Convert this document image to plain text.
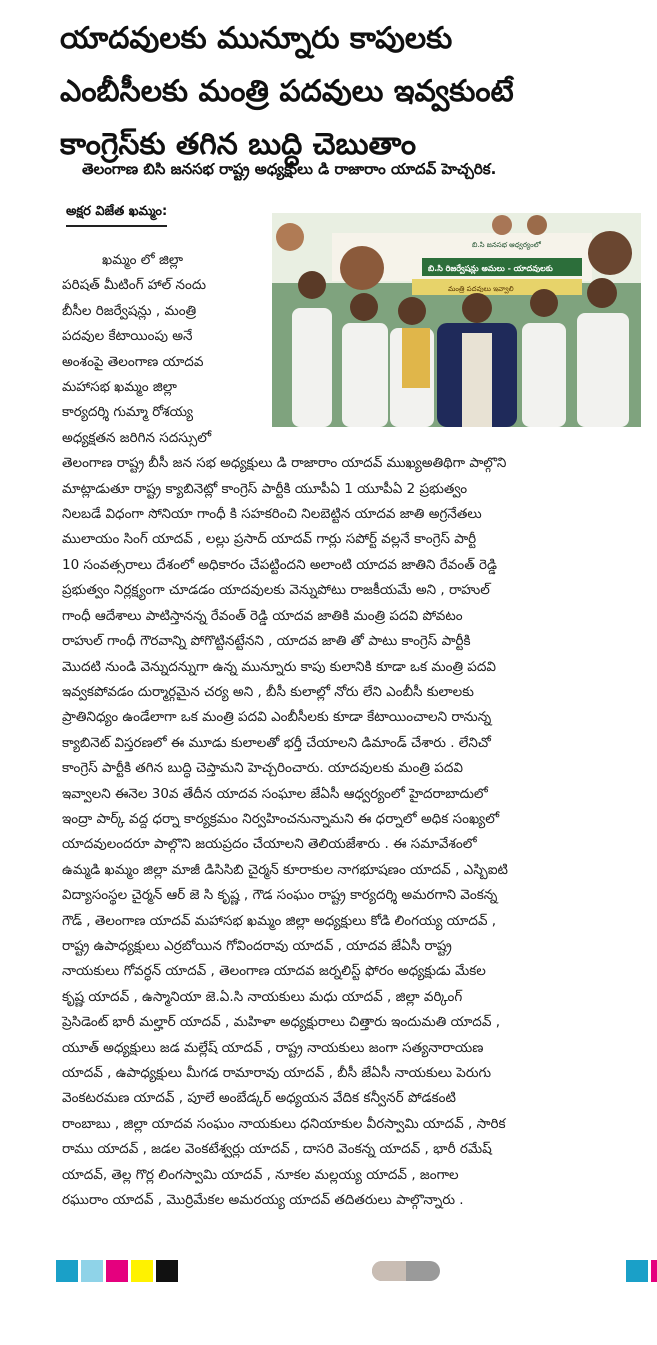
యాదవులకు మున్నూరు కాపులకు
ఎంబీసీలకు మంత్రి పదవులు ఇవ్వకుంటే
కాంగ్రెస్‌కు తగిన బుద్ధి చెబుతాం
తెలంగాణ బిసి జనసభ రాష్ట్ర అధ్యక్షులు డి రాజారాం యాదవ్ హెచ్చరిక.
అక్షర విజేత ఖమ్మం:
బి.సి జనసభ ఆధ్వర్యంలో
బి.సి రిజర్వేషన్లు అమలు - యాదవులకు
మంత్రి పదవులు ఇవ్వాలి
ఖమ్మం లో జిల్లా
పరిషత్ మీటింగ్ హాల్ నందు
బీసీల రిజర్వేషన్లు , మంత్రి
పదవుల కేటాయింపు అనే
అంశంపై తెలంగాణ యాదవ
మహాసభ ఖమ్మం జిల్లా
కార్యదర్శి గుమ్మా రోశయ్య
అధ్యక్షతన జరిగిన సదస్సులో
తెలంగాణ రాష్ట్ర బీసీ జన సభ అధ్యక్షులు డి రాజారాం యాదవ్ ముఖ్యఅతిథిగా పాల్గొని
మాట్లాడుతూ రాష్ట్ర క్యాబినెట్లో కాంగ్రెస్ పార్టీకి యూపీఏ 1 యూపీఏ 2 ప్రభుత్వం
నిలబడే విధంగా సోనియా గాంధీ కి సహకరించి నిలబెట్టిన యాదవ జాతి అగ్రనేతలు
ములాయం సింగ్ యాదవ్ , లల్లు ప్రసాద్ యాదవ్ గార్లు సపోర్ట్ వల్లనే కాంగ్రెస్ పార్టీ
10 సంవత్సరాలు దేశంలో అధికారం చేపట్టిందని అలాంటి యాదవ జాతిని రేవంత్ రెడ్డి
ప్రభుత్వం నిర్లక్ష్యంగా చూడడం యాదవులకు వెన్నుపోటు రాజకీయమే అని , రాహుల్
గాంధీ ఆదేశాలు పాటిస్తానన్న రేవంత్ రెడ్డి యాదవ జాతికి మంత్రి పదవి పోవటం
రాహుల్ గాంధీ గౌరవాన్ని పోగొట్టినట్టేనని , యాదవ జాతి తో పాటు కాంగ్రెస్ పార్టీకి
మొదటి నుండి వెన్నుదన్నుగా ఉన్న మున్నూరు కాపు కులానికి కూడా ఒక మంత్రి పదవి
ఇవ్వకపోవడం దుర్మార్గమైన చర్య అని , బీసీ కులాల్లో నోరు లేని ఎంబీసీ కులాలకు
ప్రాతినిధ్యం ఉండేలాగా ఒక మంత్రి పదవి ఎంబీసీలకు కూడా కేటాయించాలని రానున్న
క్యాబినెట్ విస్తరణలో ఈ మూడు కులాలతో భర్తీ చేయాలని డిమాండ్ చేశారు . లేనిచో
కాంగ్రెస్ పార్టీకి తగిన బుద్ధి చెప్తామని హెచ్చరించారు. యాదవులకు మంత్రి పదవి
ఇవ్వాలని ఈనెల 30వ తేదీన యాదవ సంఘాల జేఏసీ ఆధ్వర్యంలో హైదరాబాదులో
ఇంద్రా పార్క్ వద్ద ధర్నా కార్యక్రమం నిర్వహించనున్నామని ఈ ధర్నాలో అధిక సంఖ్యలో
యాదవులందరూ పాల్గొని జయప్రదం చేయాలని తెలియజేశారు . ఈ సమావేశంలో
ఉమ్మడి ఖమ్మం జిల్లా మాజీ డిసిసిబి చైర్మన్ కూరాకుల నాగభూషణం యాదవ్ , ఎస్బిఐటి
విద్యాసంస్థల చైర్మన్ ఆర్ జె సి కృష్ణ , గౌడ సంఘం రాష్ట్ర కార్యదర్శి అమరగాని వెంకన్న
గౌడ్ , తెలంగాణ యాదవ్ మహాసభ ఖమ్మం జిల్లా అధ్యక్షులు కోడి లింగయ్య యాదవ్ ,
రాష్ట్ర ఉపాధ్యక్షులు ఎర్రబోయిన గోవిందరావు యాదవ్ , యాదవ జేఏసీ రాష్ట్ర
నాయకులు గోవర్ధన్ యాదవ్ , తెలంగాణ యాదవ జర్నలిస్ట్ ఫోరం అధ్యక్షుడు మేకల
కృష్ణ యాదవ్ , ఉస్మానియా జె.ఏ.సి నాయకులు మధు యాదవ్ , జిల్లా వర్కింగ్
ప్రెసిడెంట్ భారీ మల్హార్ యాదవ్ , మహిళా అధ్యక్షురాలు చిత్తారు ఇందుమతి యాదవ్ ,
యూత్ అధ్యక్షులు జడ మల్లేష్ యాదవ్ , రాష్ట్ర నాయకులు జంగా సత్యనారాయణ
యాదవ్ , ఉపాధ్యక్షులు మీగడ రామారావు యాదవ్ , బీసీ జేఏసీ నాయకులు పెరుగు
వెంకటరమణ యాదవ్ , పూలే అంబేడ్కర్ అధ్యయన వేదిక కన్వీనర్ పోడకంటి
రాంబాబు , జిల్లా యాదవ సంఘం నాయకులు ధనియాకుల వీరస్వామి యాదవ్ , సారిక
రాము యాదవ్ , జడల వెంకటేశ్వర్లు యాదవ్ , దాసరి వెంకన్న యాదవ్ , భారీ రమేష్
యాదవ్, తెల్ల గొర్ల లింగస్వామి యాదవ్ , నూకల మల్లయ్య యాదవ్ , జంగాల
రఘురాం యాదవ్ , మొర్రిమేకల అమరయ్య యాదవ్ తదితరులు పాల్గొన్నారు .
